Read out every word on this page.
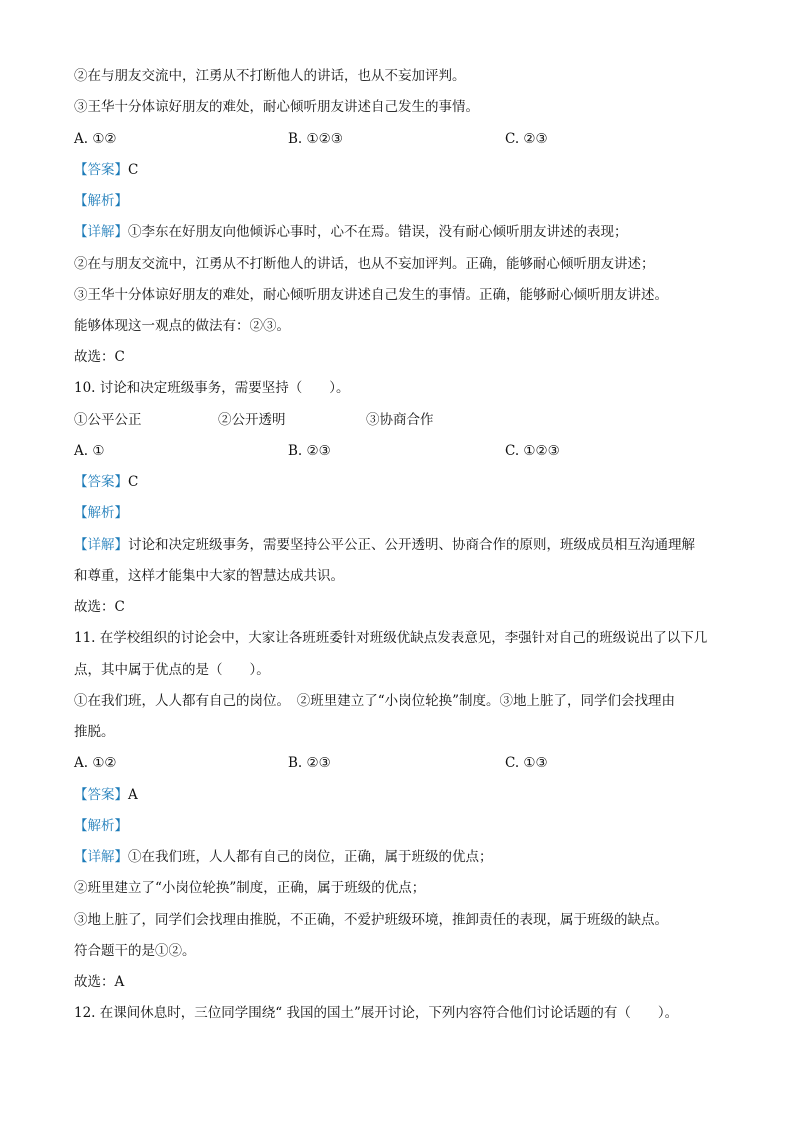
②在与朋友交流中，江勇从不打断他人的讲话，也从不妄加评判。
③王华十分体谅好朋友的难处，耐心倾听朋友讲述自己发生的事情。
A. ①②	B. ①②③	C. ②③
【答案】C
【解析】
【详解】①李东在好朋友向他倾诉心事时，心不在焉。错误，没有耐心倾听朋友讲述的表现；
②在与朋友交流中，江勇从不打断他人的讲话，也从不妄加评判。正确，能够耐心倾听朋友讲述；
③王华十分体谅好朋友的难处，耐心倾听朋友讲述自己发生的事情。正确，能够耐心倾听朋友讲述。
能够体现这一观点的做法有：②③。
故选：C
10. 讨论和决定班级事务，需要坚持（　　）。
①公平公正	②公开透明	③协商合作
A. ①	B. ②③	C. ①②③
【答案】C
【解析】
【详解】讨论和决定班级事务，需要坚持公平公正、公开透明、协商合作的原则，班级成员相互沟通理解
和尊重，这样才能集中大家的智慧达成共识。
故选：C
11. 在学校组织的讨论会中，大家让各班班委针对班级优缺点发表意见，李强针对自己的班级说出了以下几
点，其中属于优点的是（　　）。
①在我们班，人人都有自己的岗位。　②班里建立了“小岗位轮换”制度。③地上脏了，同学们会找理由
推脱。
A. ①②	B. ②③	C. ①③
【答案】A
【解析】
【详解】①在我们班，人人都有自己的岗位，正确，属于班级的优点；
②班里建立了“小岗位轮换”制度，正确，属于班级的优点；
③地上脏了，同学们会找理由推脱，不正确，不爱护班级环境，推卸责任的表现，属于班级的缺点。
符合题干的是①②。
故选：A
12. 在课间休息时，三位同学围绕“ 我国的国土”展开讨论，下列内容符合他们讨论话题的有（　　）。
